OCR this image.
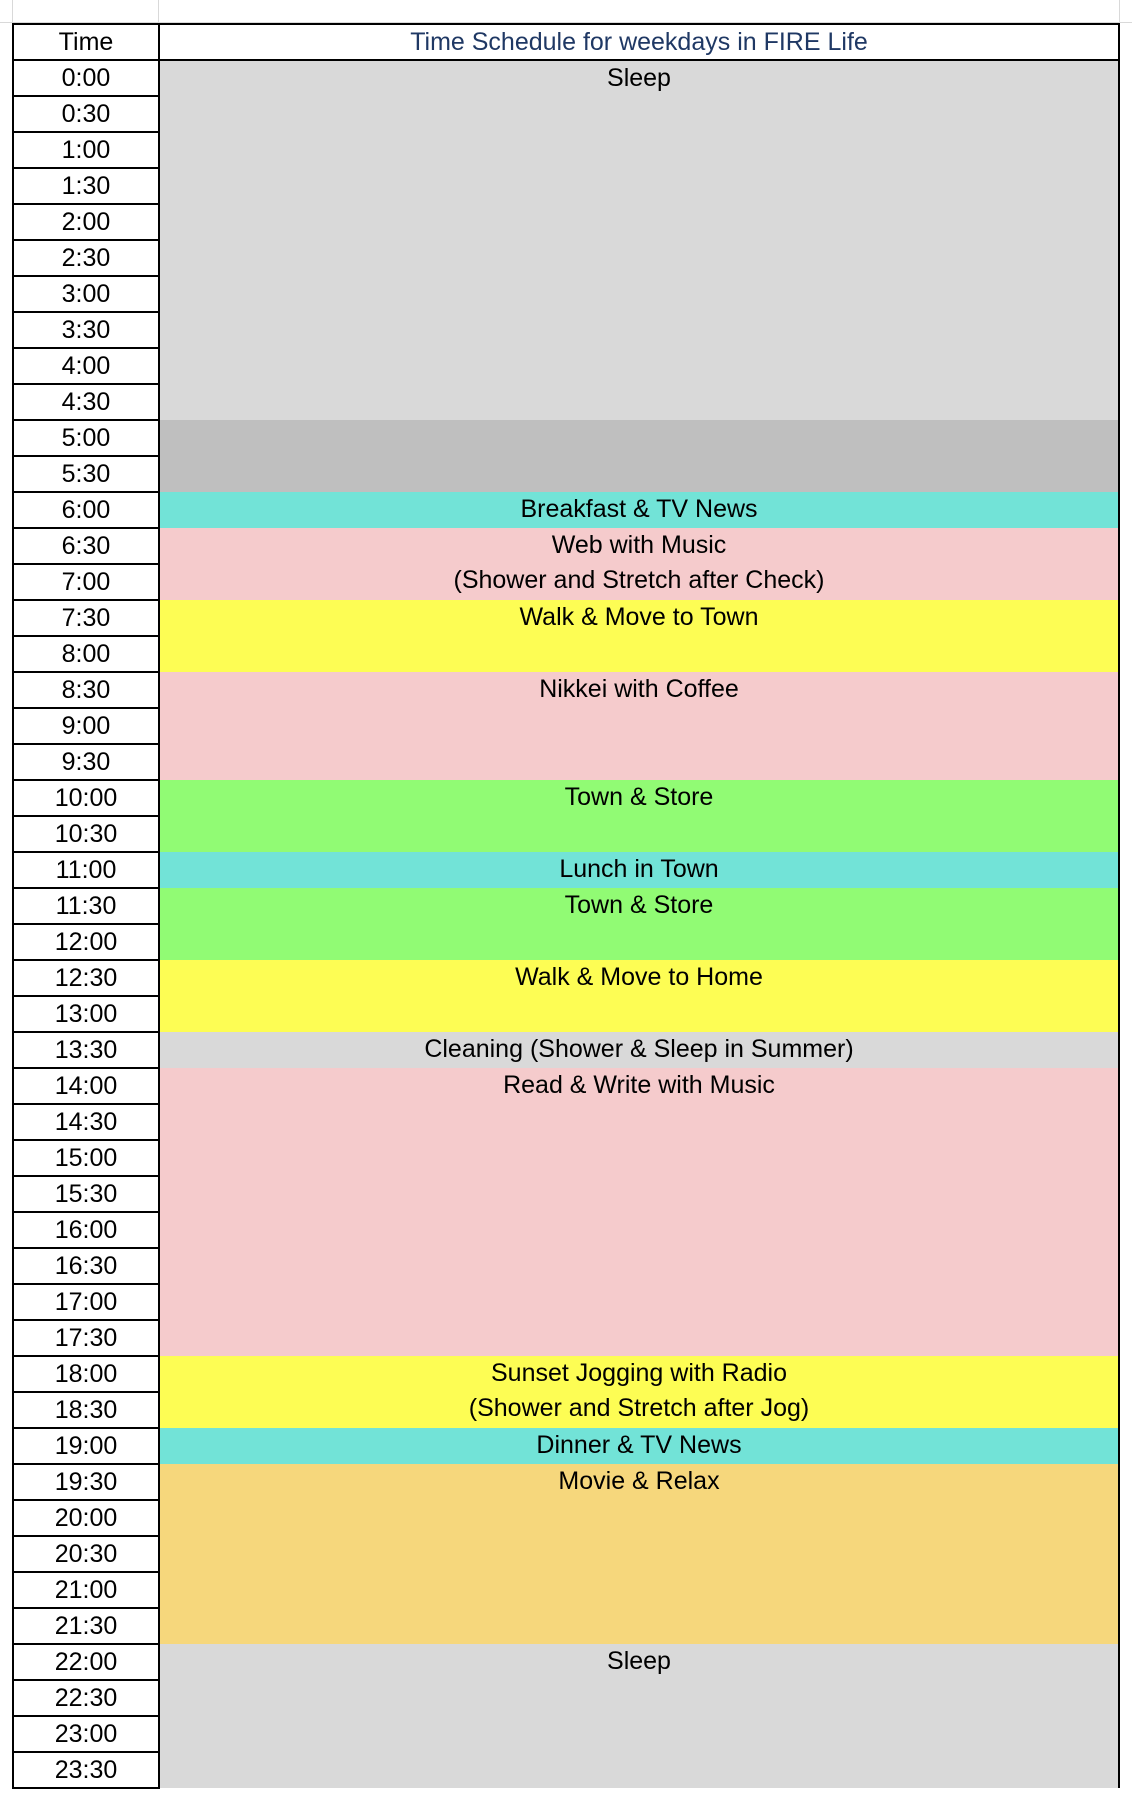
Time	Time Schedule for weekdays in FIRE Life
0:00	Sleep

0:30	
1:00	
1:30	
2:00	
2:30	
3:00	
3:30	
4:00	
4:30	
5:00	
5:30	
6:00	Breakfast & TV News

6:30	Web with Music
(Shower and Stretch after Check)

7:00	
7:30	Walk & Move to Town

8:00	
8:30	Nikkei with Coffee

9:00	
9:30	
10:00	Town & Store

10:30	
11:00	Lunch in Town

11:30	Town & Store

12:00	
12:30	Walk & Move to Home

13:00	
13:30	Cleaning (Shower & Sleep in Summer)

14:00	Read & Write with Music

14:30	
15:00	
15:30	
16:00	
16:30	
17:00	
17:30	
18:00	Sunset Jogging with Radio
(Shower and Stretch after Jog)

18:30	
19:00	Dinner & TV News

19:30	Movie & Relax

20:00	
20:30	
21:00	
21:30	
22:00	Sleep

22:30	
23:00	
23:30	
